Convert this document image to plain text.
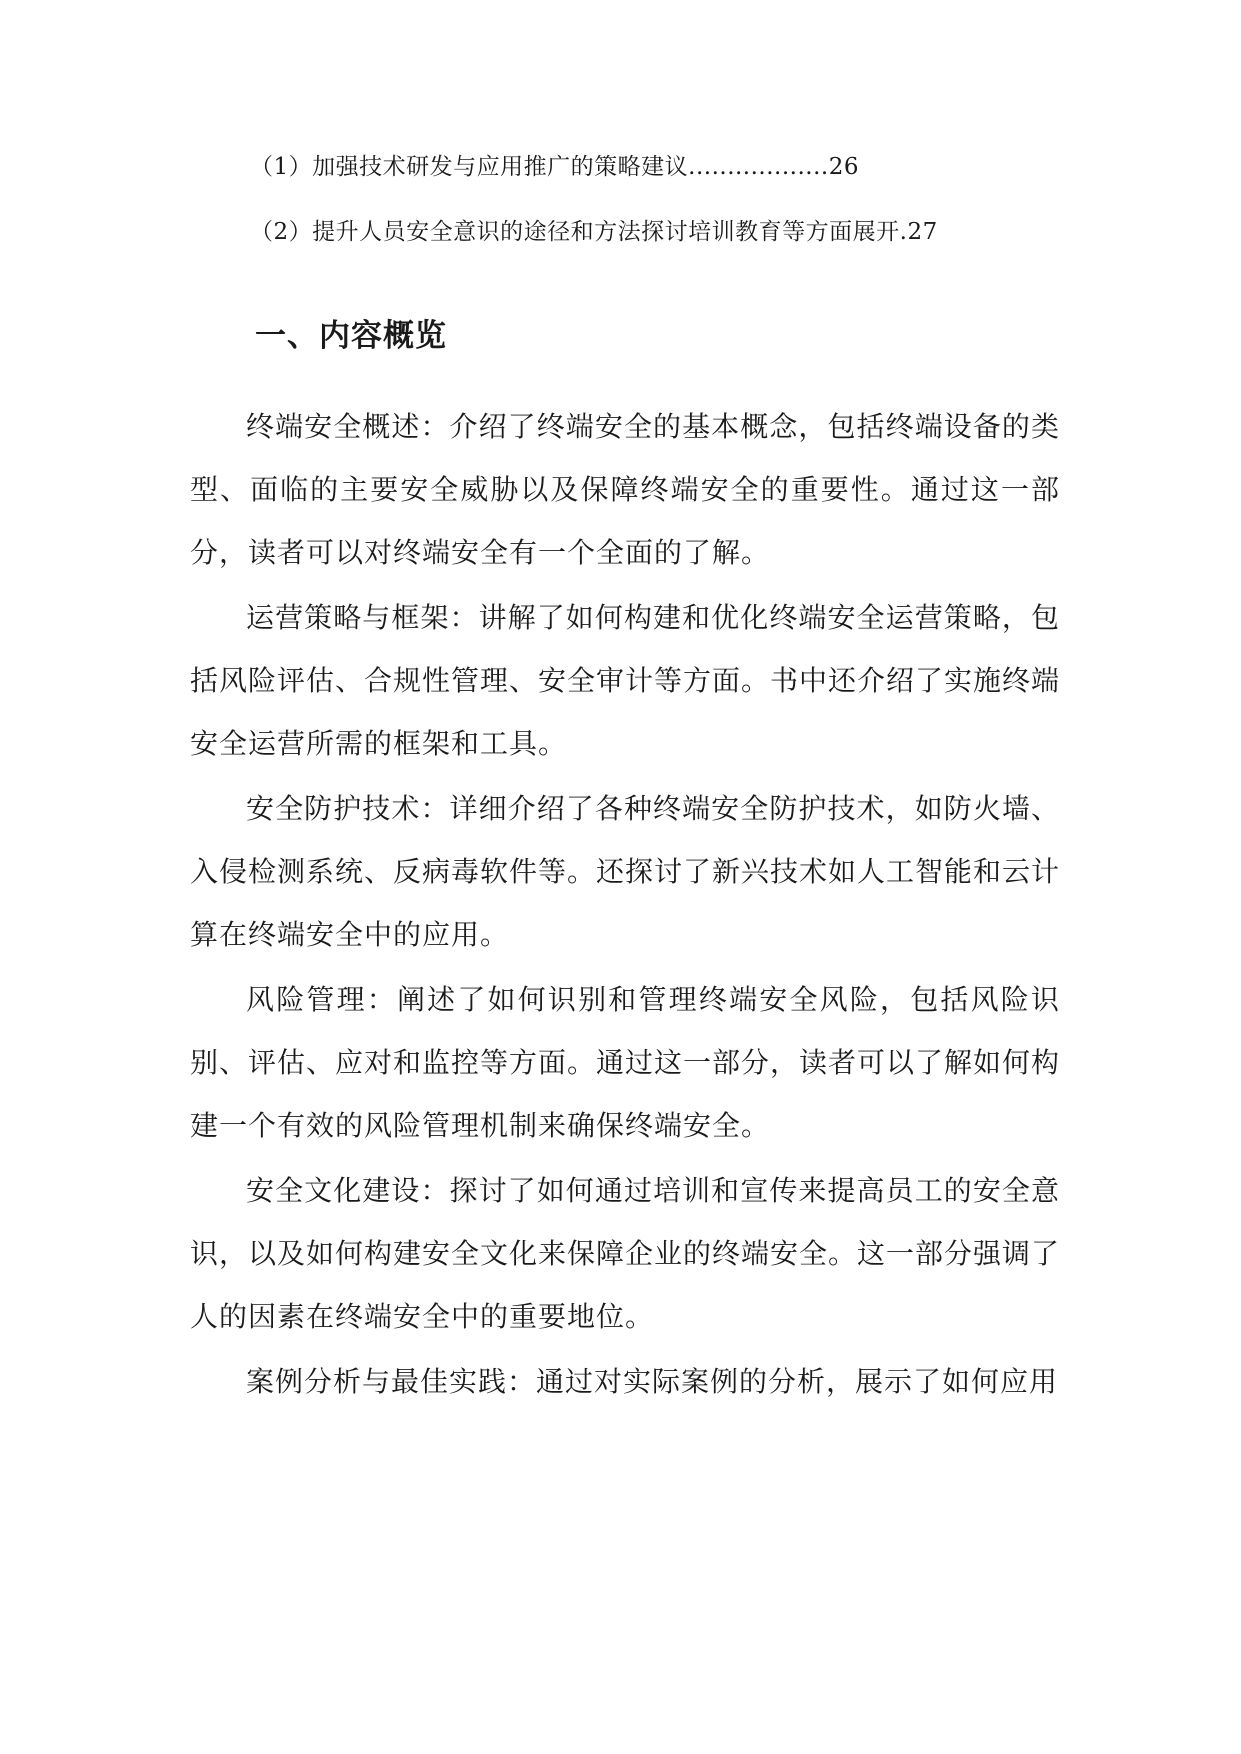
（1）加强技术研发与应用推广的策略建议..................26
（2）提升人员安全意识的途径和方法探讨培训教育等方面展开.27
一、内容概览

终端安全概述：介绍了终端安全的基本概念，包括终端设备的类型、面临的主要安全威胁以及保障终端安全的重要性。通过这一部分，读者可以对终端安全有一个全面的了解。

运营策略与框架：讲解了如何构建和优化终端安全运营策略，包括风险评估、合规性管理、安全审计等方面。书中还介绍了实施终端安全运营所需的框架和工具。

安全防护技术：详细介绍了各种终端安全防护技术，如防火墙、入侵检测系统、反病毒软件等。还探讨了新兴技术如人工智能和云计算在终端安全中的应用。

风险管理：阐述了如何识别和管理终端安全风险，包括风险识别、评估、应对和监控等方面。通过这一部分，读者可以了解如何构建一个有效的风险管理机制来确保终端安全。

安全文化建设：探讨了如何通过培训和宣传来提高员工的安全意识，以及如何构建安全文化来保障企业的终端安全。这一部分强调了人的因素在终端安全中的重要地位。

案例分析与最佳实践：通过对实际案例的分析，展示了如何应用
